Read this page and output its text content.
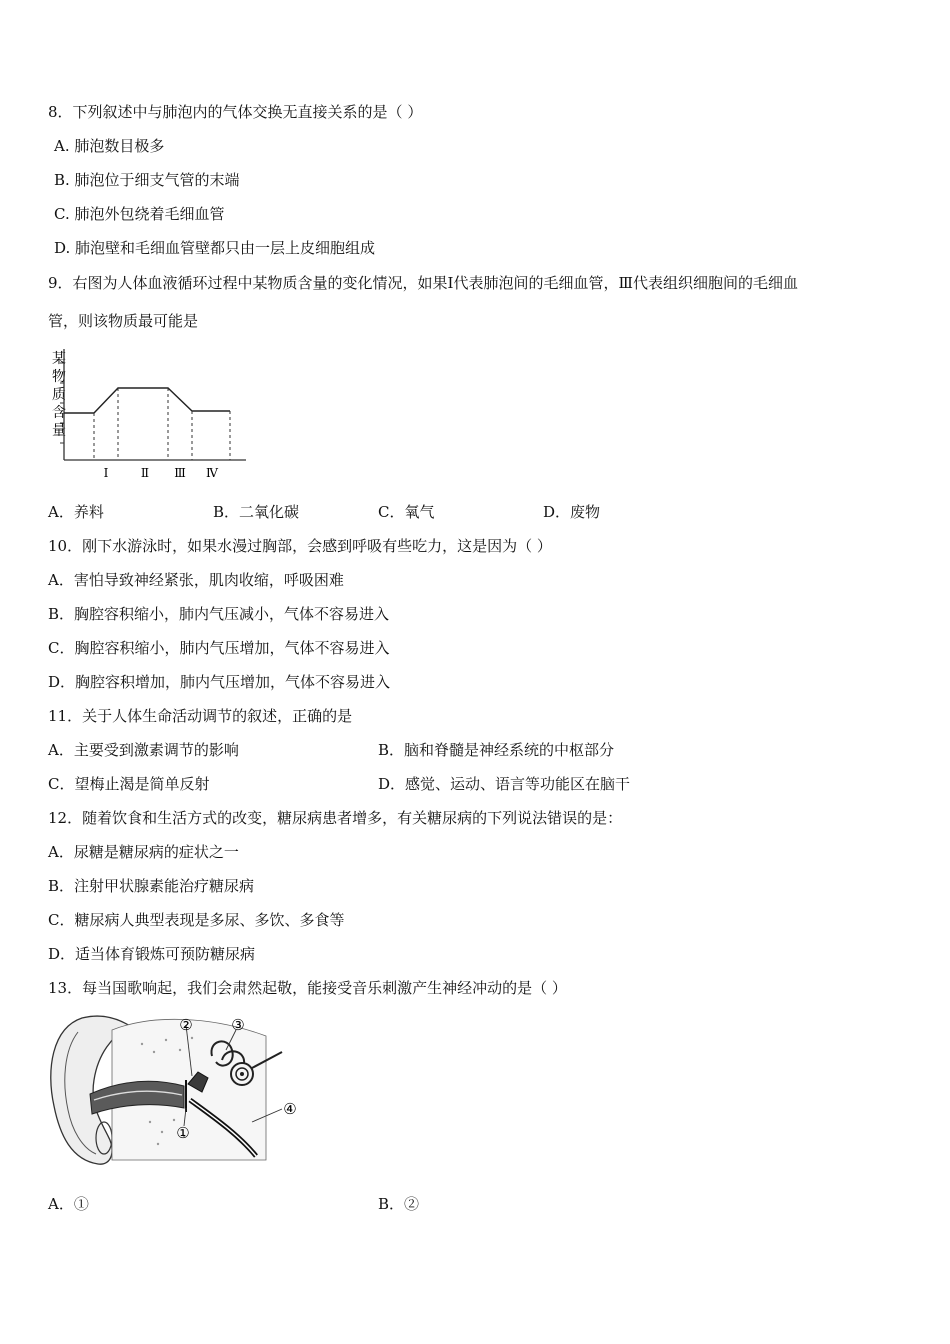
8．下列叙述中与肺泡内的气体交换无直接关系的是（ ）
A. 肺泡数目极多
B. 肺泡位于细支气管的末端
C. 肺泡外包绕着毛细血管
D. 肺泡壁和毛细血管壁都只由一层上皮细胞组成
9．右图为人体血液循环过程中某物质含量的变化情况，如果Ⅰ代表肺泡间的毛细血管，Ⅲ代表组织细胞间的毛细血
管，则该物质最可能是
某
物
质
含
量
Ⅰ	Ⅱ Ⅲ Ⅳ
A．养料	B．二氧化碳	C．氧气	D．废物
10．刚下水游泳时，如果水漫过胸部，会感到呼吸有些吃力，这是因为（ ）
A．害怕导致神经紧张，肌肉收缩，呼吸困难
B．胸腔容积缩小，肺内气压减小，气体不容易进入
C．胸腔容积缩小，肺内气压增加，气体不容易进入
D．胸腔容积增加，肺内气压增加，气体不容易进入
11．关于人体生命活动调节的叙述，正确的是
A．主要受到激素调节的影响	B．脑和脊髓是神经系统的中枢部分
C．望梅止渴是简单反射	D．感觉、运动、语言等功能区在脑干
12．随着饮食和生活方式的改变，糖尿病患者增多，有关糖尿病的下列说法错误的是：
A．尿糖是糖尿病的症状之一
B．注射甲状腺素能治疗糖尿病
C．糖尿病人典型表现是多尿、多饮、多食等
D．适当体育锻炼可预防糖尿病
13．每当国歌响起，我们会肃然起敬，能接受音乐刺激产生神经冲动的是（ ）
①
②	③
④
A．①	B．②
